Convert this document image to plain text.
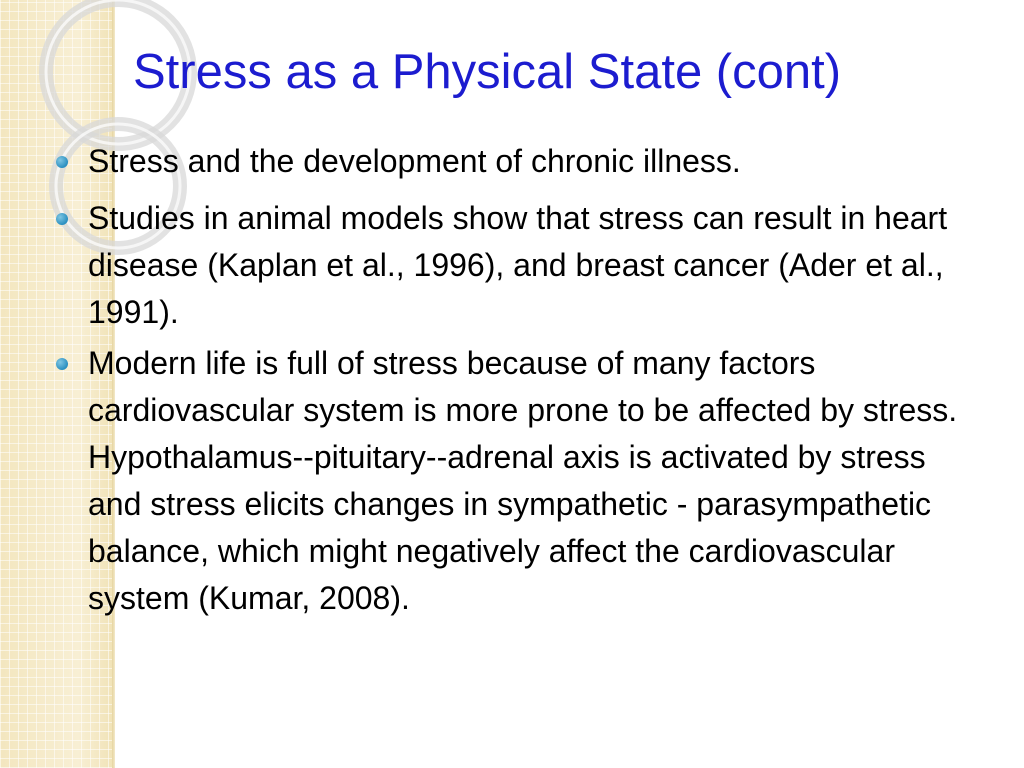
Stress as a Physical State (cont)
Stress and the development of chronic illness.
Studies in animal models show that stress can result in heart disease (Kaplan et al., 1996), and breast cancer (Ader et al., 1991).
Modern life is full of stress because of many factors cardiovascular system is more prone to be affected by stress. Hypothalamus--pituitary--adrenal axis is activated by stress and stress elicits changes in sympathetic - parasympathetic balance, which might negatively affect the cardiovascular system (Kumar, 2008).
